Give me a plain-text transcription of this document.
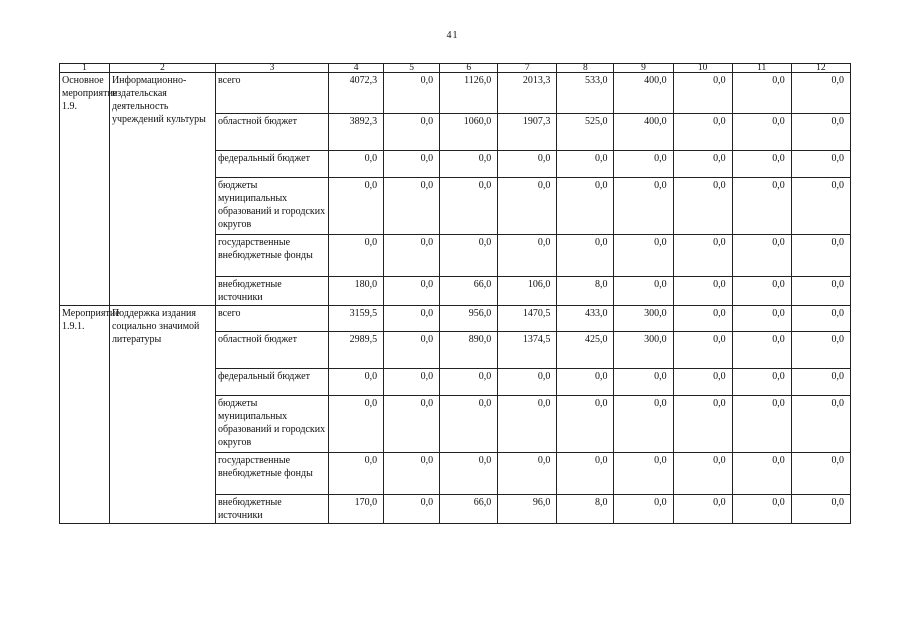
41
1	2	3	4	5	6	7	8	9	10	11	12
Основное мероприятие 1.9.	Информационно-издательская деятельность учреждений культуры	всего	4072,3	0,0	1126,0	2013,3	533,0	400,0	0,0	0,0	0,0
		областной бюджет	3892,3	0,0	1060,0	1907,3	525,0	400,0	0,0	0,0	0,0
		федеральный бюджет	0,0	0,0	0,0	0,0	0,0	0,0	0,0	0,0	0,0
		бюджеты муниципальных образований и городских округов	0,0	0,0	0,0	0,0	0,0	0,0	0,0	0,0	0,0
		государственные внебюджетные фонды	0,0	0,0	0,0	0,0	0,0	0,0	0,0	0,0	0,0
		внебюджетные источники	180,0	0,0	66,0	106,0	8,0	0,0	0,0	0,0	0,0
Мероприятие 1.9.1.	Поддержка издания социально значимой литературы	всего	3159,5	0,0	956,0	1470,5	433,0	300,0	0,0	0,0	0,0
		областной бюджет	2989,5	0,0	890,0	1374,5	425,0	300,0	0,0	0,0	0,0
		федеральный бюджет	0,0	0,0	0,0	0,0	0,0	0,0	0,0	0,0	0,0
		бюджеты муниципальных образований и городских округов	0,0	0,0	0,0	0,0	0,0	0,0	0,0	0,0	0,0
		государственные внебюджетные фонды	0,0	0,0	0,0	0,0	0,0	0,0	0,0	0,0	0,0
		внебюджетные источники	170,0	0,0	66,0	96,0	8,0	0,0	0,0	0,0	0,0
